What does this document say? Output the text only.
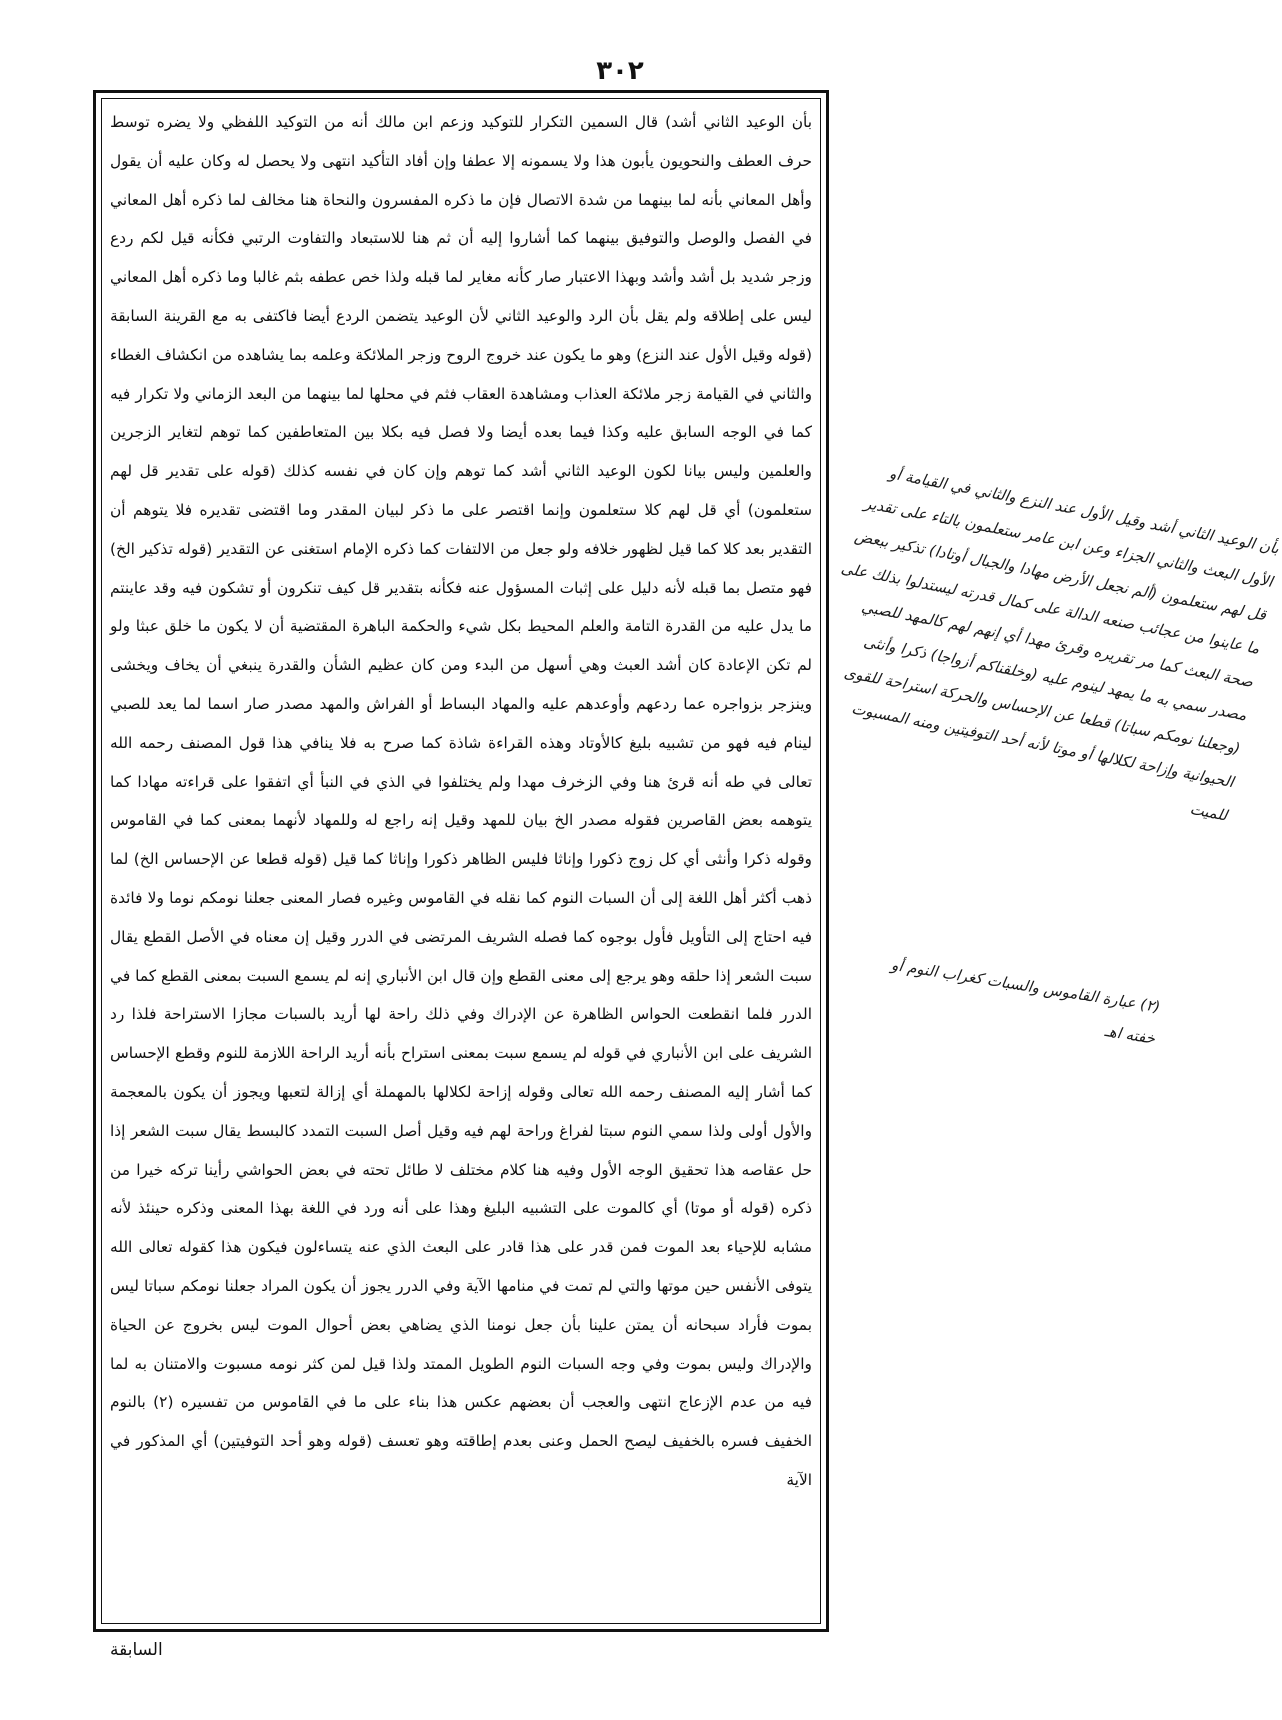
٣٠٢

بأن الوعيد الثاني أشد) قال السمين التكرار للتوكيد وزعم ابن مالك أنه من التوكيد اللفظي ولا يضره توسط حرف العطف والنحويون يأبون هذا ولا يسمونه إلا عطفا وإن أفاد التأكيد انتهى ولا يحصل له وكان عليه أن يقول وأهل المعاني بأنه لما بينهما من شدة الاتصال فإن ما ذكره المفسرون والنحاة هنا مخالف لما ذكره أهل المعاني في الفصل والوصل والتوفيق بينهما كما أشاروا إليه أن ثم هنا للاستبعاد والتفاوت الرتبي فكأنه قيل لكم ردع وزجر شديد بل أشد وأشد وبهذا الاعتبار صار كأنه مغاير لما قبله ولذا خص عطفه بثم غالبا وما ذكره أهل المعاني ليس على إطلاقه ولم يقل بأن الرد والوعيد الثاني لأن الوعيد يتضمن الردع أيضا فاكتفى به مع القرينة السابقة (قوله وقيل الأول عند النزع) وهو ما يكون عند خروج الروح وزجر الملائكة وعلمه بما يشاهده من انكشاف الغطاء والثاني في القيامة زجر ملائكة العذاب ومشاهدة العقاب فثم في محلها لما بينهما من البعد الزماني ولا تكرار فيه كما في الوجه السابق عليه وكذا فيما بعده أيضا ولا فصل فيه بكلا بين المتعاطفين كما توهم لتغاير الزجرين والعلمين وليس بيانا لكون الوعيد الثاني أشد كما توهم وإن كان في نفسه كذلك (قوله على تقدير قل لهم ستعلمون) أي قل لهم كلا ستعلمون وإنما اقتصر على ما ذكر لبيان المقدر وما اقتضى تقديره فلا يتوهم أن التقدير بعد كلا كما قيل لظهور خلافه ولو جعل من الالتفات كما ذكره الإمام استغنى عن التقدير (قوله تذكير الخ) فهو متصل بما قبله لأنه دليل على إثبات المسؤول عنه فكأنه بتقدير قل كيف تنكرون أو تشكون فيه وقد عاينتم ما يدل عليه من القدرة التامة والعلم المحيط بكل شيء والحكمة الباهرة المقتضية أن لا يكون ما خلق عبثا ولو لم تكن الإعادة كان أشد العبث وهي أسهل من البدء ومن كان عظيم الشأن والقدرة ينبغي أن يخاف ويخشى وينزجر بزواجره عما ردعهم وأوعدهم عليه والمهاد البساط أو الفراش والمهد مصدر صار اسما لما يعد للصبي لينام فيه فهو من تشبيه بليغ كالأوتاد وهذه القراءة شاذة كما صرح به فلا ينافي هذا قول المصنف رحمه الله تعالى في طه أنه قرئ هنا وفي الزخرف مهدا ولم يختلفوا في الذي في النبأ أي اتفقوا على قراءته مهادا كما يتوهمه بعض القاصرين فقوله مصدر الخ بيان للمهد وقيل إنه راجع له وللمهاد لأنهما بمعنى كما في القاموس وقوله ذكرا وأنثى أي كل زوج ذكورا وإناثا فليس الظاهر ذكورا وإناثا كما قيل (قوله قطعا عن الإحساس الخ) لما ذهب أكثر أهل اللغة إلى أن السبات النوم كما نقله في القاموس وغيره فصار المعنى جعلنا نومكم نوما ولا فائدة فيه احتاج إلى التأويل فأول بوجوه كما فصله الشريف المرتضى في الدرر وقيل إن معناه في الأصل القطع يقال سبت الشعر إذا حلقه وهو يرجع إلى معنى القطع وإن قال ابن الأنباري إنه لم يسمع السبت بمعنى القطع كما في الدرر فلما انقطعت الحواس الظاهرة عن الإدراك وفي ذلك راحة لها أريد بالسبات مجازا الاستراحة فلذا رد الشريف على ابن الأنباري في قوله لم يسمع سبت بمعنى استراح بأنه أريد الراحة اللازمة للنوم وقطع الإحساس كما أشار إليه المصنف رحمه الله تعالى وقوله إزاحة لكلالها بالمهملة أي إزالة لتعبها ويجوز أن يكون بالمعجمة والأول أولى ولذا سمي النوم سبتا لفراغ وراحة لهم فيه وقيل أصل السبت التمدد كالبسط يقال سبت الشعر إذا حل عقاصه هذا تحقيق الوجه الأول وفيه هنا كلام مختلف لا طائل تحته في بعض الحواشي رأينا تركه خيرا من ذكره (قوله أو موتا) أي كالموت على التشبيه البليغ وهذا على أنه ورد في اللغة بهذا المعنى وذكره حينئذ لأنه مشابه للإحياء بعد الموت فمن قدر على هذا قادر على البعث الذي عنه يتساءلون فيكون هذا كقوله تعالى الله يتوفى الأنفس حين موتها والتي لم تمت في منامها الآية وفي الدرر يجوز أن يكون المراد جعلنا نومكم سباتا ليس بموت فأراد سبحانه أن يمتن علينا بأن جعل نومنا الذي يضاهي بعض أحوال الموت ليس بخروج عن الحياة والإدراك وليس بموت وفي وجه السبات النوم الطويل الممتد ولذا قيل لمن كثر نومه مسبوت والامتنان به لما فيه من عدم الإزعاج انتهى والعجب أن بعضهم عكس هذا بناء على ما في القاموس من تفسيره (٢) بالنوم الخفيف فسره بالخفيف ليصح الحمل وعنى بعدم إطاقته وهو تعسف (قوله وهو أحد التوفيتين) أي المذكور في الآية

بأن الوعيد الثاني أشد وقيل الأول عند النزع والثاني في القيامة أو الأول البعث والثاني الجزاء وعن ابن عامر ستعلمون بالتاء على تقدير قل لهم ستعلمون (ألم نجعل الأرض مهادا والجبال أوتادا) تذكير ببعض ما عاينوا من عجائب صنعه الدالة على كمال قدرته ليستدلوا بذلك على صحة البعث كما مر تقريره وقرئ مهدا أي إنهم لهم كالمهد للصبي مصدر سمي به ما يمهد لينوم عليه (وخلقناكم أزواجا) ذكرا وأنثى (وجعلنا نومكم سباتا) قطعا عن الإحساس والحركة استراحة للقوى الحيوانية وإزاحة لكلالها أو موتا لأنه أحد التوفيتين ومنه المسبوت للميت
(٢) عبارة القاموس والسبات كغراب النوم أو خفته اهـ
السابقة
